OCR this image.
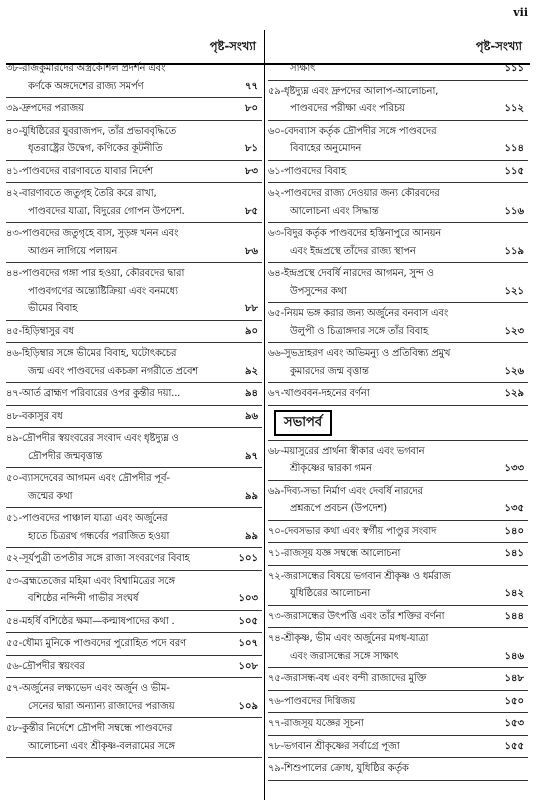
vii
পৃষ্ট-সংখ্যা
৩৮-রাজকুমারদের অস্ত্রকৌশল প্রদর্শন এবং
কর্ণকে অঙ্গদেশের রাজ্য সমর্পণ	৭৭
৩৯-দ্রুপদের পরাজয়	৮০
৪০-যুধিষ্ঠিরের যুবরাজপদ, তাঁর প্রভাববৃদ্ধিতে
ধৃতরাষ্ট্রের উদ্বেগ, কণিকের কূটনীতি	৮১
৪১-পাণ্ডবদের বারণাবতে যাবার নির্দেশ	৮৩
৪২-বারণাবতে জতুগৃহ তৈরি করে রাখা,
পাণ্ডবদের যাত্রা, বিদুরের গোপন উপদেশ.	৮৫
৪৩-পাণ্ডবদের জতুগৃহে বাস, সুড়ঙ্গ খনন এবং
আগুন লাগিয়ে পলায়ন	৮৬
৪৪-পাণ্ডবদের গঙ্গা পার হওয়া, কৌরবদের দ্বারা
পাণ্ডবগণের অন্ত্যেষ্টিক্রিয়া এবং বনমধ্যে
ভীমের বিবাহ	৮৮
৪৫-হিড়িম্বাসুর বধ	৯০
৪৬-হিড়িম্বার সঙ্গে ভীমের বিবাহ, ঘটোৎকচের
জন্ম এবং পাণ্ডবদের একচক্রা নগরীতে প্রবেশ	৯২
৪৭-আর্ত ব্রাহ্মণ পরিবারের ওপর কুন্তীর দয়া...	৯৪
৪৮-বকাসুর বধ	৯৬
৪৯-দ্রৌপদীর স্বয়ংবরের সংবাদ এবং ধৃষ্টদ্যুম্ন ও
দ্রৌপদীর জন্মবৃত্তান্ত	৯৭
৫০-ব্যাসদেবের আগমন এবং দ্রৌপদীর পূর্ব-
জন্মের কথা	৯৯
৫১-পাণ্ডবদের পাঞ্চাল যাত্রা এবং অর্জুনের
হাতে চিত্ররথ গন্ধর্বের পরাজিত হওয়া	৯৯
৫২-সূর্যপুত্রী তপতীর সঙ্গে রাজা সংবরণের বিবাহ	১০১
৫৩-ব্রহ্মতেজের মহিমা এবং বিশ্বামিত্রের সঙ্গে
বশিষ্ঠের নন্দিনী গাভীর সংঘর্ষ	১০৩
৫৪-মহর্ষি বশিষ্ঠের ক্ষমা—কল্মাষপাদের কথা .	১০৫
৫৫-ধৌম্য মুনিকে পাণ্ডবদের পুরোহিত পদে বরণ	১০৭
৫৬-দ্রৌপদীর স্বয়ংবর	১০৮
৫৭-অর্জুনের লক্ষ্যভেদ এবং অর্জুন ও ভীম-
সেনের দ্বারা অন্যান্য রাজাদের পরাজয়	১০৯
৫৮-কুন্তীর নির্দেশে দ্রৌপদী সম্বন্ধে পাণ্ডবদের
আলোচনা এবং শ্রীকৃষ্ণ-বলরামের সঙ্গে
পৃষ্ট-সংখ্যা
সাক্ষাৎ	১১১
৫৯-ধৃষ্টদ্যুম্ন এবং দ্রুপদের আলাপ-আলোচনা,
পাণ্ডবদের পরীক্ষা এবং পরিচয়	১১২
৬০-বেদব্যাস কর্তৃক দ্রৌপদীর সঙ্গে পাণ্ডবদের
বিবাহের অনুমোদন	১১৪
৬১-পাণ্ডবদের বিবাহ	১১৫
৬২-পাণ্ডবদের রাজ্য দেওয়ার জন্য কৌরবদের
আলোচনা এবং সিদ্ধান্ত	১১৬
৬৩-বিদুর কর্তৃক পাণ্ডবদের হস্তিনাপুরে আনয়ন
এবং ইন্দ্রপ্রস্থে তাঁদের রাজ্য স্থাপন	১১৯
৬৪-ইন্দ্রপ্রস্থে দেবর্ষি নারদের আগমন, সুন্দ ও
উপসুন্দের কথা	১২১
৬৫-নিয়ম ভঙ্গ করার জন্য অর্জুনের বনবাস এবং
উলুপী ও চিত্রাঙ্গদার সঙ্গে তাঁর বিবাহ	১২৩
৬৬-সুভদ্রাহরণ এবং অভিমন্যু ও প্রতিবিন্ধ্য প্রমুখ
কুমারদের জন্ম বৃত্তান্ত	১২৬
৬৭-খাণ্ডববন-দহনের বর্ণনা	১২৯
সভাপর্ব
৬৮-ময়াসুরের প্রার্থনা স্বীকার এবং ভগবান
শ্রীকৃষ্ণের দ্বারকা গমন	১৩৩
৬৯-দিব্য-সভা নির্মাণ এবং দেবর্ষি নারদের
প্রশ্নরূপে প্রবচন (উপদেশ)	১৩৫
৭০-দেবসভার কথা এবং স্বর্গীয় পাণ্ডুর সংবাদ	১৪০
৭১-রাজসূয় যজ্ঞ সম্বন্ধে আলোচনা	১৪১
৭২-জরাসন্ধের বিষয়ে ভগবান শ্রীকৃষ্ণ ও ধর্মরাজ
যুধিষ্ঠিরের আলোচনা	১৪২
৭৩-জরাসন্ধের উৎপত্তি এবং তাঁর শক্তির বর্ণনা	১৪৪
৭৪-শ্রীকৃষ্ণ, ভীম এবং অর্জুনের মগধ-যাত্রা
এবং জরাসন্ধের সঙ্গে সাক্ষাৎ	১৪৬
৭৫-জরাসন্ধ-বধ এবং বন্দী রাজাদের মুক্তি	১৪৮
৭৬-পাণ্ডবদের দিগ্বিজয়	১৫০
৭৭-রাজসূয় যজ্ঞের সূচনা	১৫৩
৭৮-ভগবান শ্রীকৃষ্ণের সর্বাগ্রে পূজা	১৫৫
৭৯-শিশুপালের ক্রোধ, যুধিষ্ঠির কর্তৃক
